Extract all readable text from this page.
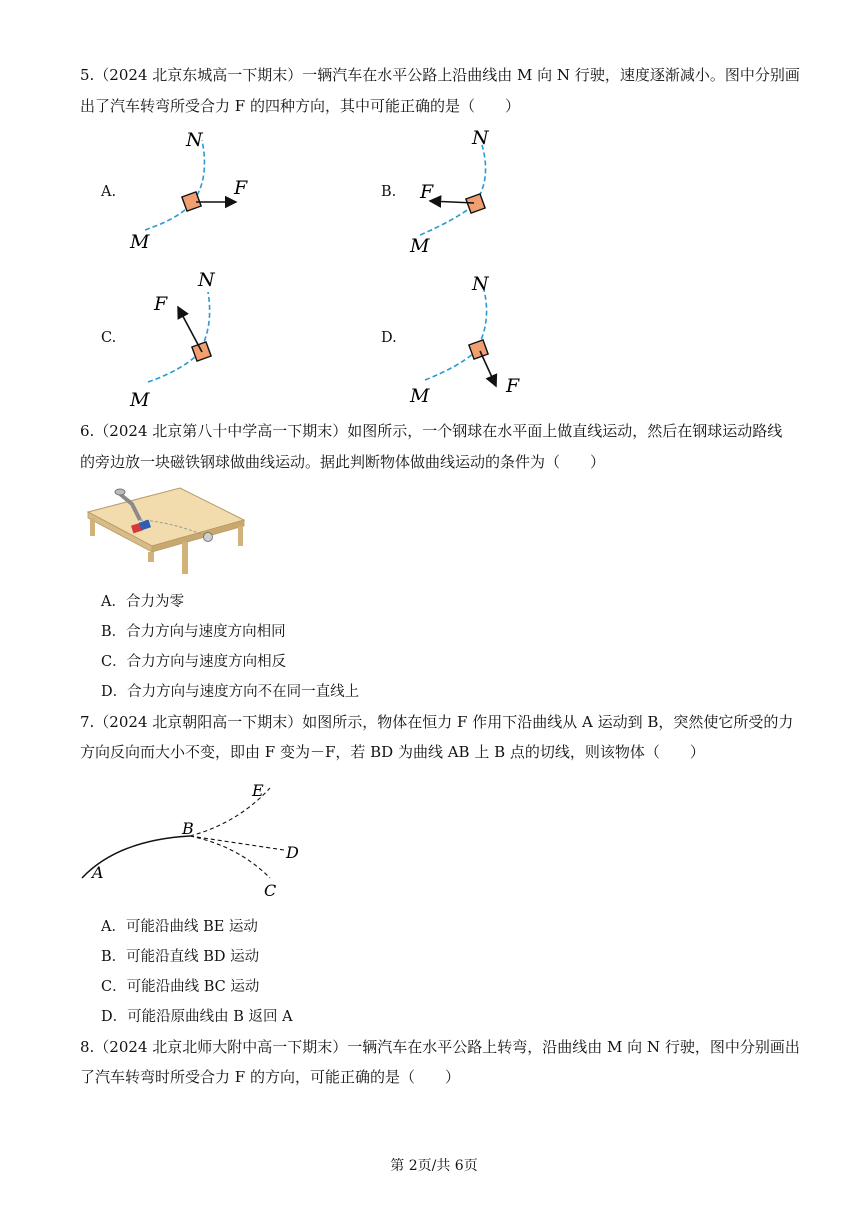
5.（2024 北京东城高一下期末）一辆汽车在水平公路上沿曲线由 M 向 N 行驶，速度逐渐减小。图中分别画
出了汽车转弯所受合力 F 的四种方向，其中可能正确的是（　　）
A.
M
N
F	B.
M
N
F
C.
M
N
F
D.
M
N
F
6.（2024 北京第八十中学高一下期末）如图所示，一个钢球在水平面上做直线运动，然后在钢球运动路线
的旁边放一块磁铁钢球做曲线运动。据此判断物体做曲线运动的条件为（　　）
A．合力为零
B．合力方向与速度方向相同
C．合力方向与速度方向相反
D．合力方向与速度方向不在同一直线上
7.（2024 北京朝阳高一下期末）如图所示，物体在恒力 F 作用下沿曲线从 A 运动到 B，突然使它所受的力
方向反向而大小不变，即由 F 变为－F，若 BD 为曲线 AB 上 B 点的切线，则该物体（　　）
A
B
C
D
E
A．可能沿曲线 BE 运动
B．可能沿直线 BD 运动
C．可能沿曲线 BC 运动
D．可能沿原曲线由 B 返回 A
8.（2024 北京北师大附中高一下期末）一辆汽车在水平公路上转弯，沿曲线由 M 向 N 行驶，图中分别画出
了汽车转弯时所受合力 F 的方向，可能正确的是（　　）
第 2页/共 6页
